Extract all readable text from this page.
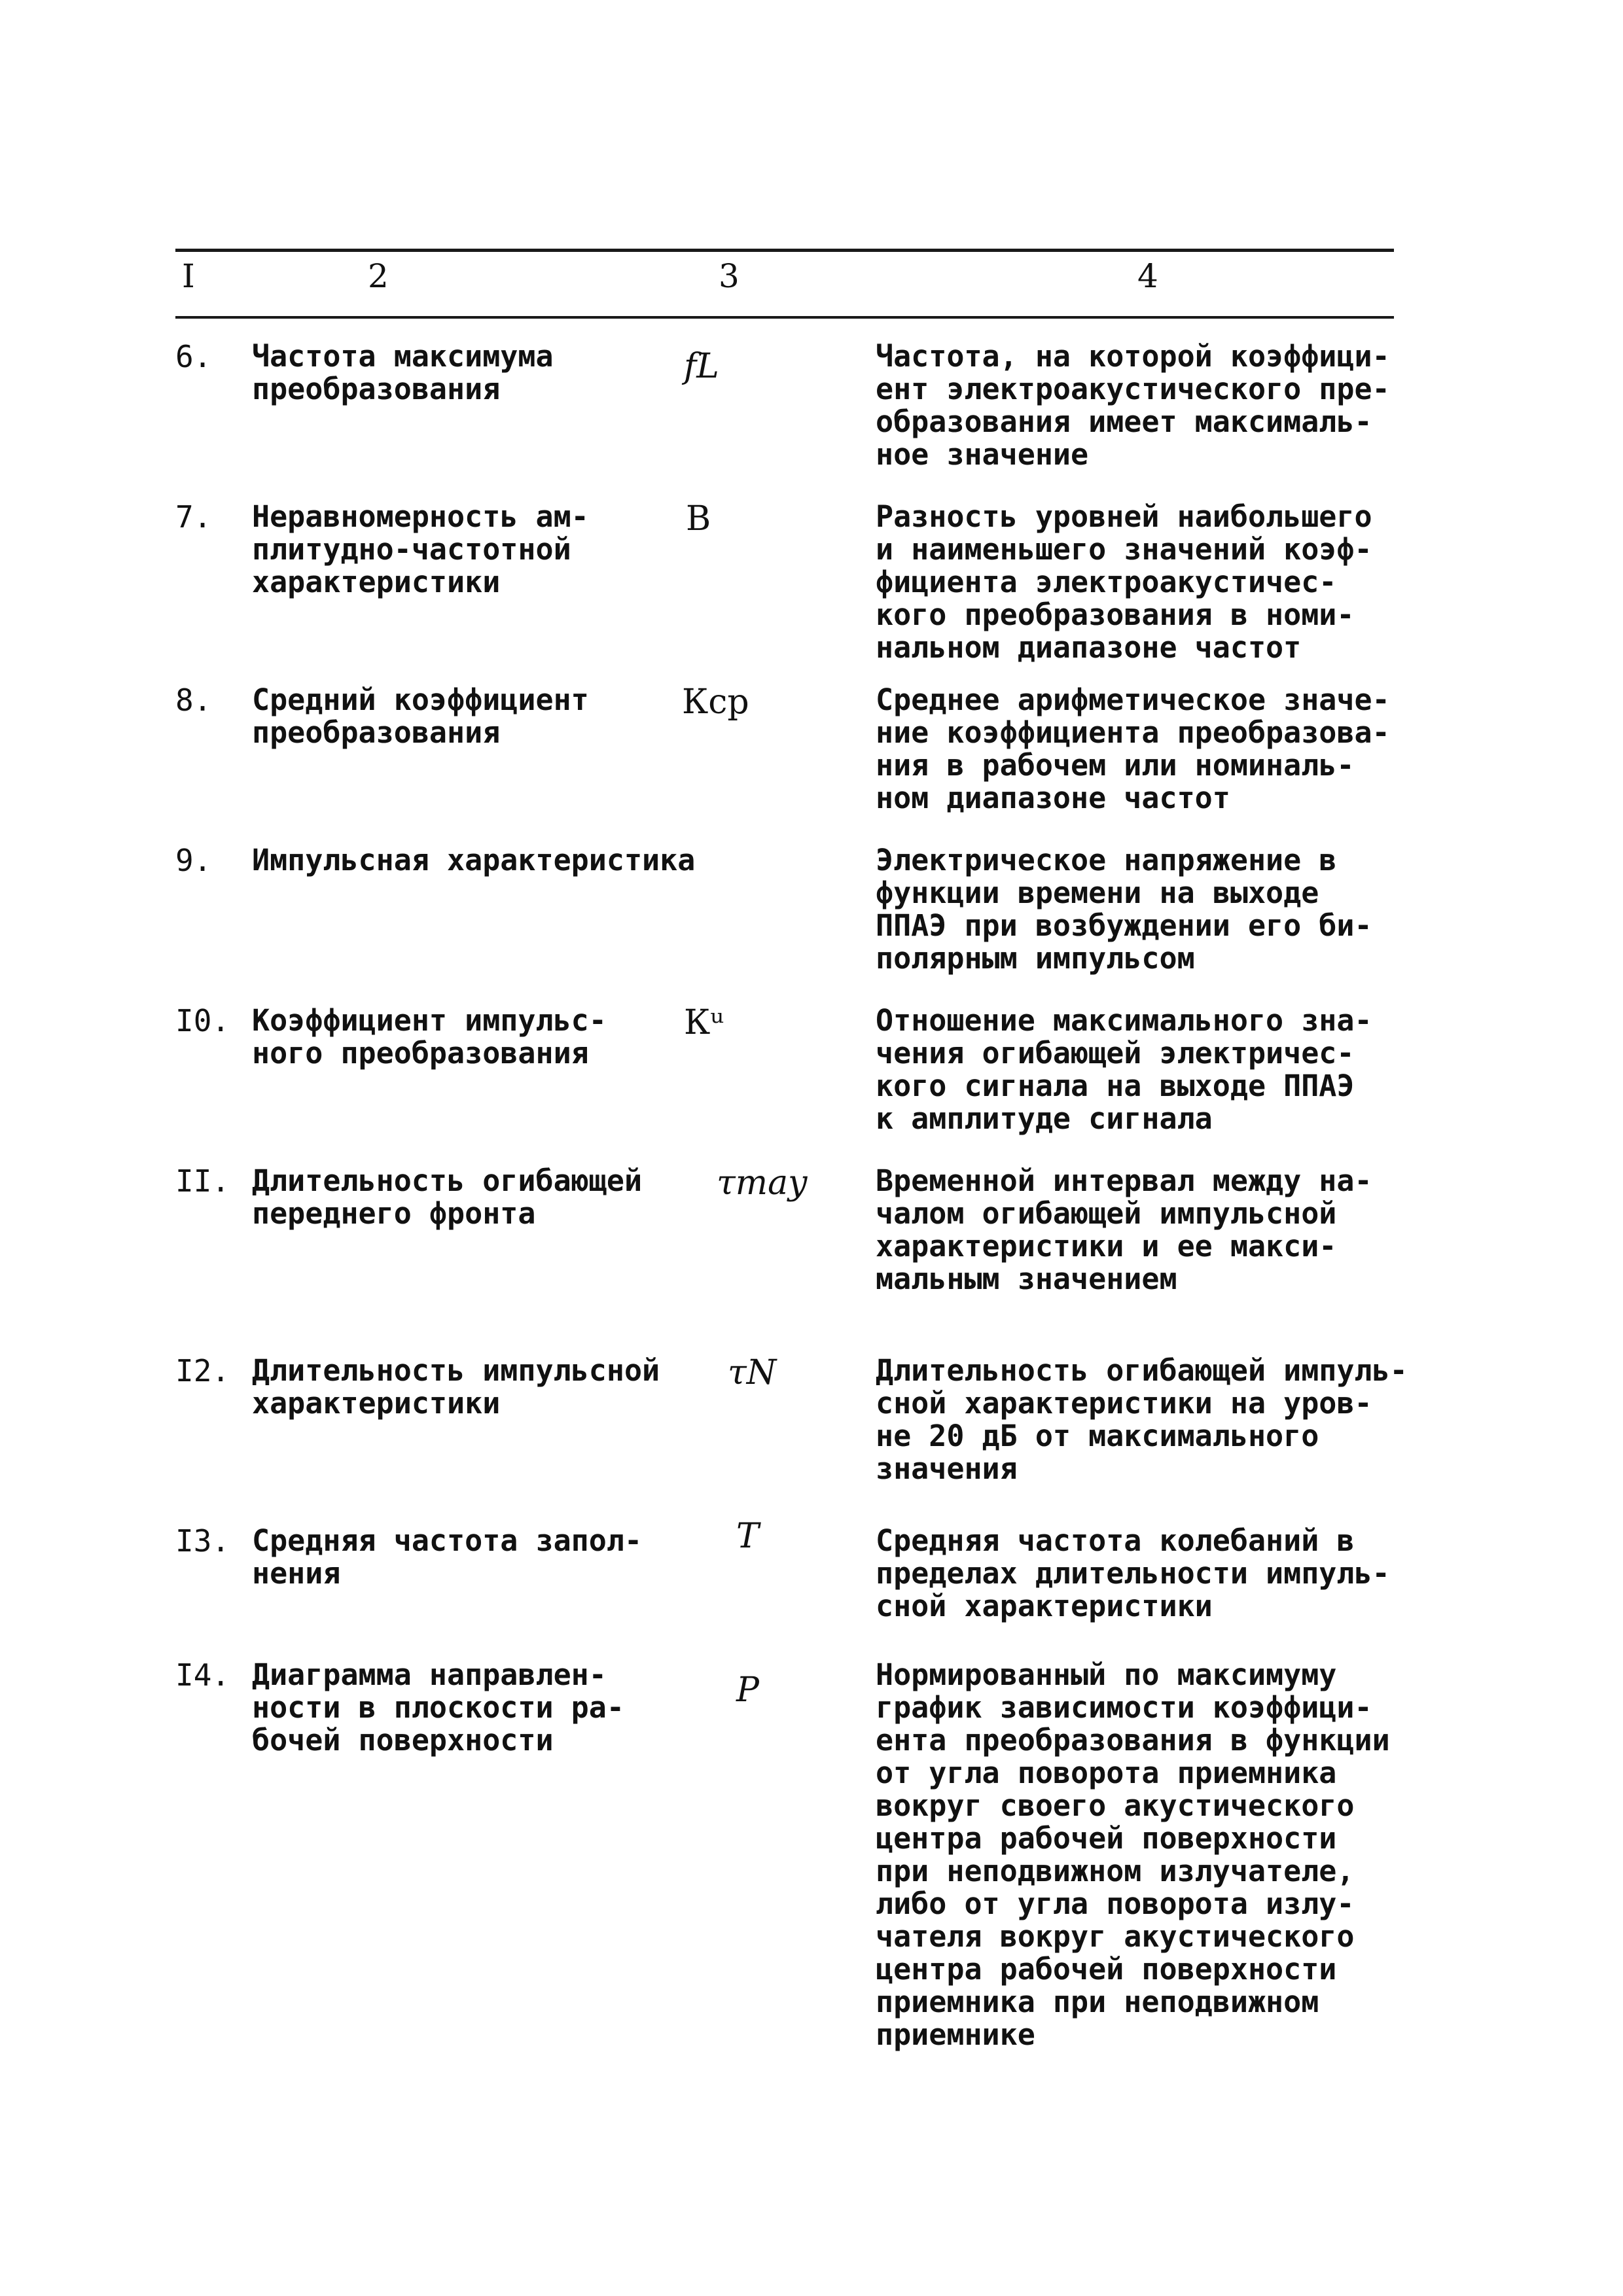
I	2	3	4
6.	Частота максимума
преобразования
fL	Частота, на которой коэффици-
ент электроакустического пре-
образования имеет максималь-
ное значение
7.	Неравномерность ам-
плитудно-частотной
характеристики
B	Разность уровней наибольшего
и наименьшего значений коэф-
фициента электроакустичес-
кого преобразования в номи-
нальном диапазоне частот
8.	Средний коэффициент
преобразования
Кср	Среднее арифметическое значе-
ние коэффициента преобразова-
ния в рабочем или номиналь-
ном диапазоне частот
9.	Импульсная характеристика	Электрическое напряжение в
функции времени на выходе
ППАЭ при возбуждении его би-
полярным импульсом
I0. Коэффициент импульс-
ного преобразования
Кᵘ	Отношение максимального зна-
чения огибающей электричес-
кого сигнала на выходе ППАЭ
к амплитуде сигнала
II. Длительность огибающей
переднего фронта
τmay	Временной интервал между на-
чалом огибающей импульсной
характеристики и ее макси-
мальным значением
I2. Длительность импульсной
характеристики
τN	Длительность огибающей импуль-
сной характеристики на уров-
не 20 дБ от максимального
значения
I3. Средняя частота запол-
нения
T	Средняя частота колебаний в
пределах длительности импуль-
сной характеристики
I4. Диаграмма направлен-
ности в плоскости ра-
бочей поверхности
P	Нормированный по максимуму
график зависимости коэффици-
ента преобразования в функции
от угла поворота приемника
вокруг своего акустического
центра рабочей поверхности
при неподвижном излучателе,
либо от угла поворота излу-
чателя вокруг акустического
центра рабочей поверхности
приемника при неподвижном
приемнике
